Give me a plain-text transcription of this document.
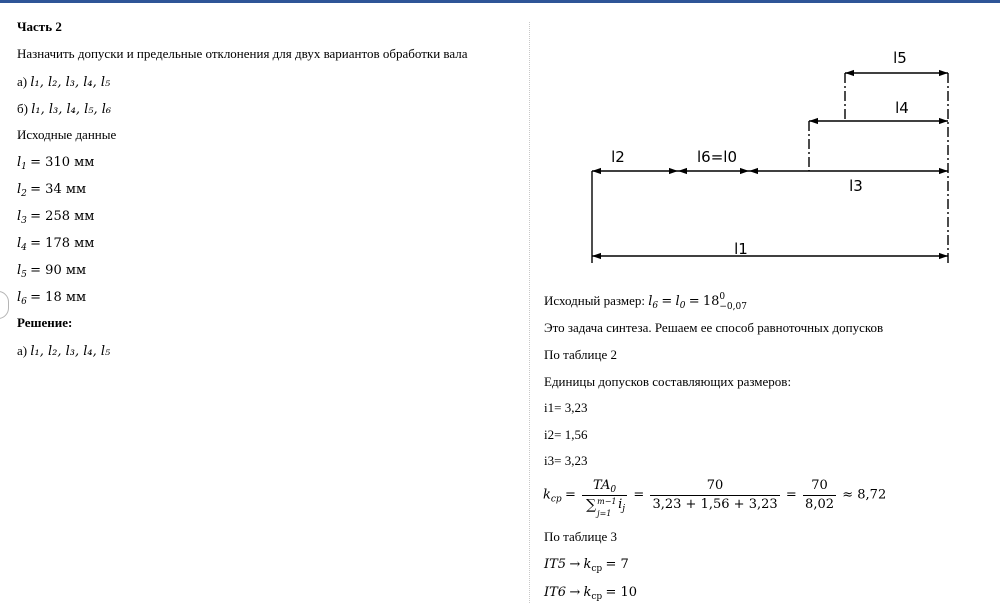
Часть 2
Назначить допуски и предельные отклонения для двух вариантов обработки вала
а) l₁, l₂, l₃, l₄, l₅
б) l₁, l₃, l₄, l₅, l₆
Исходные данные
$l_1 = 310$ мм
$l_2 = 34$ мм
$l_3 = 258$ мм
$l_4 = 178$ мм
$l_5 = 90$ мм
$l_6 = 18$ мм
Решение:
а) l₁, l₂, l₃, l₄, l₅
l5
l4
l2	l6=l0
l3
l1
Исходный размер: $l_6 = l_0 = 18$ 0
−0,07
Это задача синтеза. Решаем ее способ равноточных допусков
По таблице 2
Единицы допусков составляющих размеров:
i1= 3,23
i2= 1,56
i3= 3,23
$k_{cp} = TA_0$
∑ m−1
j=1
$i_j = \frac{70}{3,23 + 1,56 + 3,23} = \frac{70}{8,02} \approx 8,72$
По таблице 3
$IT5 \to k_{ср} = 7$
$IT6 \to k_{ср} = 10$
